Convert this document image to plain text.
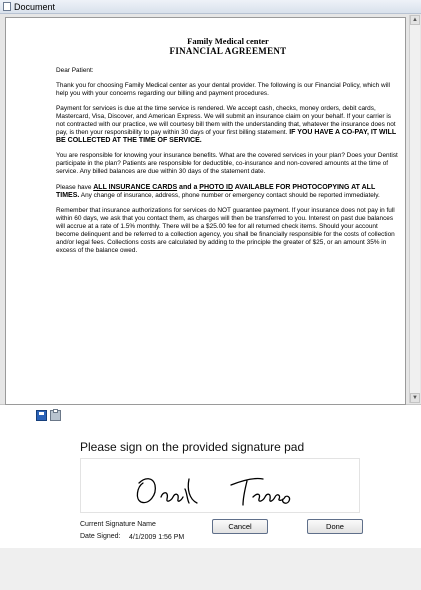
Document
Family Medical center
FINANCIAL AGREEMENT

Dear Patient:

Thank you for choosing Family Medical center as your dental provider. The following is our Financial Policy, which will help you with your concerns regarding our billing and payment procedures.

Payment for services is due at the time service is rendered. We accept cash, checks, money orders, debit cards, Mastercard, Visa, Discover, and American Express. We will submit an insurance claim on your behalf. If your carrier is not contracted with our practice, we will courtesy bill them with the understanding that, whatever the insurance does not pay, is then your responsibility to pay within 30 days of your first billing statement. IF YOU HAVE A CO-PAY, IT WILL BE COLLECTED AT THE TIME OF SERVICE.

You are responsible for knowing your insurance benefits. What are the covered services in your plan? Does your Dentist participate in the plan? Patients are responsible for deductible, co-insurance and non-covered amounts at the time of service. Any billed balances are due within 30 days of the statement date.

Please have ALL INSURANCE CARDS and a PHOTO ID AVAILABLE FOR PHOTOCOPYING AT ALL TIMES. Any change of insurance, address, phone number or emergency contact should be reported immediately.

Remember that insurance authorizations for services do NOT guarantee payment. If your insurance does not pay in full within 60 days, we ask that you contact them, as charges will then be transferred to you. Interest on past due balances will accrue at a rate of 1.5% monthly. There will be a $25.00 fee for all returned check items. Should your account become delinquent and be referred to a collection agency, you shall be financially responsible for the costs of collection and/or legal fees. Collections costs are calculated by adding to the principle the greater of $25, or an amount 35% in excess of the balance owed.

▲
▼
Please sign on the provided signature pad
Current Signature Name
Date Signed: 4/1/2009 1:56 PM
Cancel	Done
